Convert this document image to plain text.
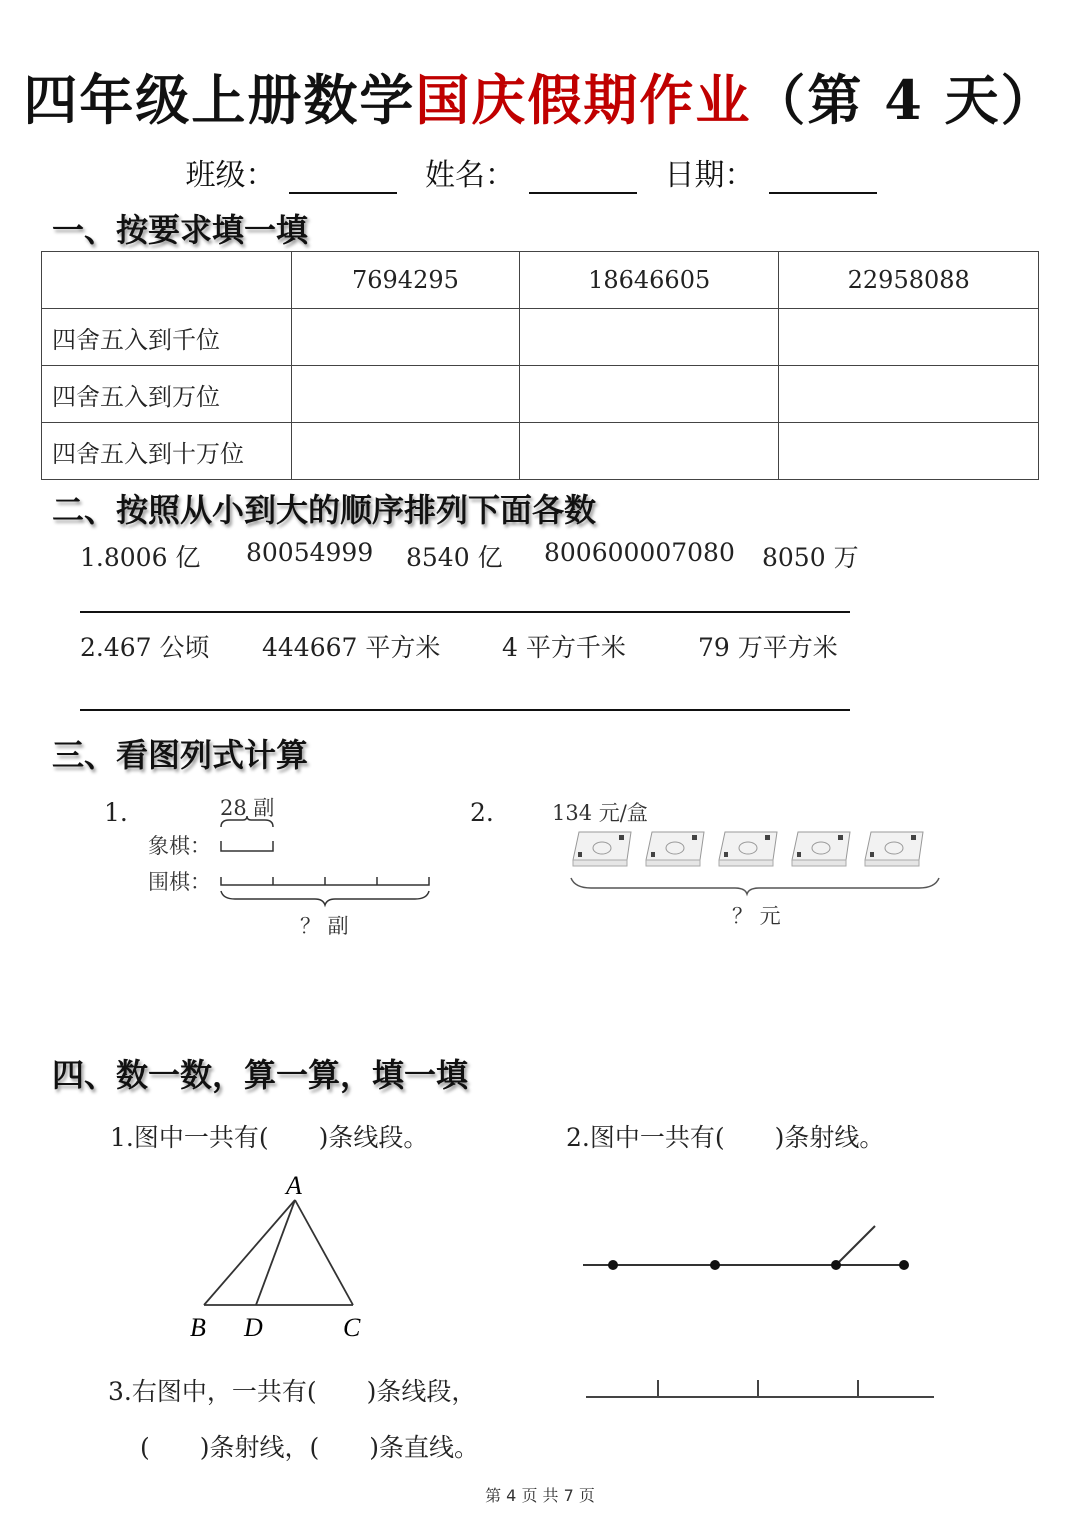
四年级上册数学国庆假期作业（第 4 天）
班级：	姓名：	日期：
一、按要求填一填
	7694295	18646605	22958088
四舍五入到千位			
四舍五入到万位			
四舍五入到十万位			
二、按照从小到大的顺序排列下面各数
1.8006 亿 80054999 8540 亿 800600007080 8050 万
2.467 公顷 444667 平方米 4 平方千米	79 万平方米
三、看图列式计算
1.	28 副
象棋：
围棋：
？ 副
2.	134 元/盒
？ 元
四、数一数，算一算，填一填
1.图中一共有(　　)条线段。	2.图中一共有(　　)条射线。
A
B D	C
3.右图中，一共有(　　)条线段，
(　　)条射线，(　　)条直线。
第 4 页 共 7 页
